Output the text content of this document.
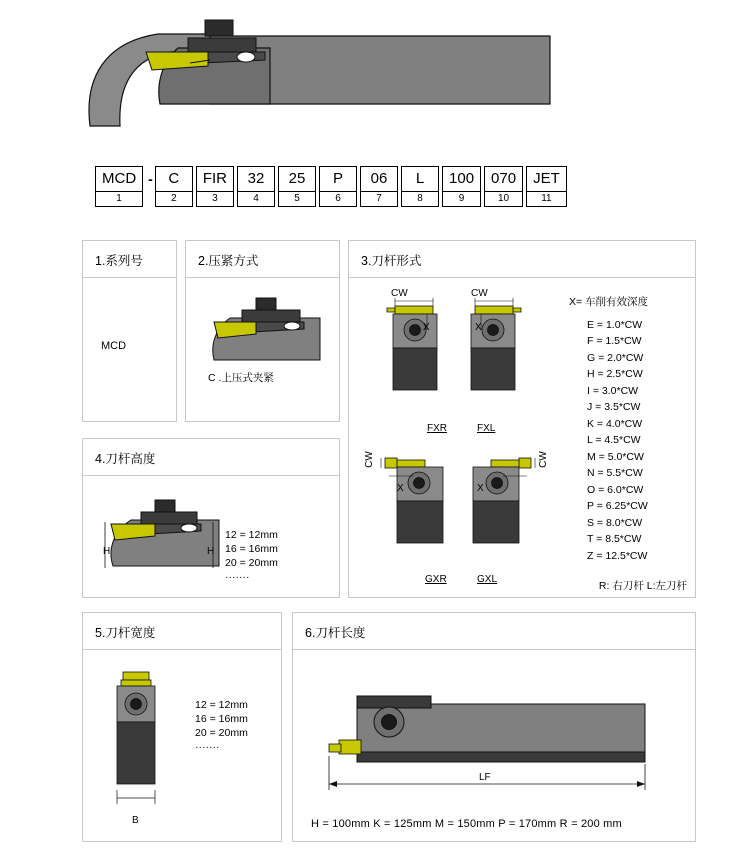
MCD
1
-	C
2
FIR
3
32
4
25
5
P
6
06
7
L
8
100
9
070
10
JET
11
1.系列号
MCD
2.压紧方式
C .上压式夹紧
3.刀杆形式
CW
X
FXR
CW
X
FXL
CW
X
GXR
CW
X
GXL
X= 车削有效深度
E = 1.0*CW
F = 1.5*CW
G = 2.0*CW
H = 2.5*CW
I = 3.0*CW
J = 3.5*CW
K = 4.0*CW
L = 4.5*CW
M = 5.0*CW
N = 5.5*CW
O = 6.0*CW
P = 6.25*CW
S = 8.0*CW
T = 8.5*CW
Z = 12.5*CW
R: 右刀杆 L:左刀杆
4.刀杆高度
H	H
12 = 12mm
16 = 16mm
20 = 20mm
·······
5.刀杆宽度
B
12 = 12mm
16 = 16mm
20 = 20mm
·······
6.刀杆长度
LF
H = 100mm K = 125mm M = 150mm P = 170mm R = 200 mm
